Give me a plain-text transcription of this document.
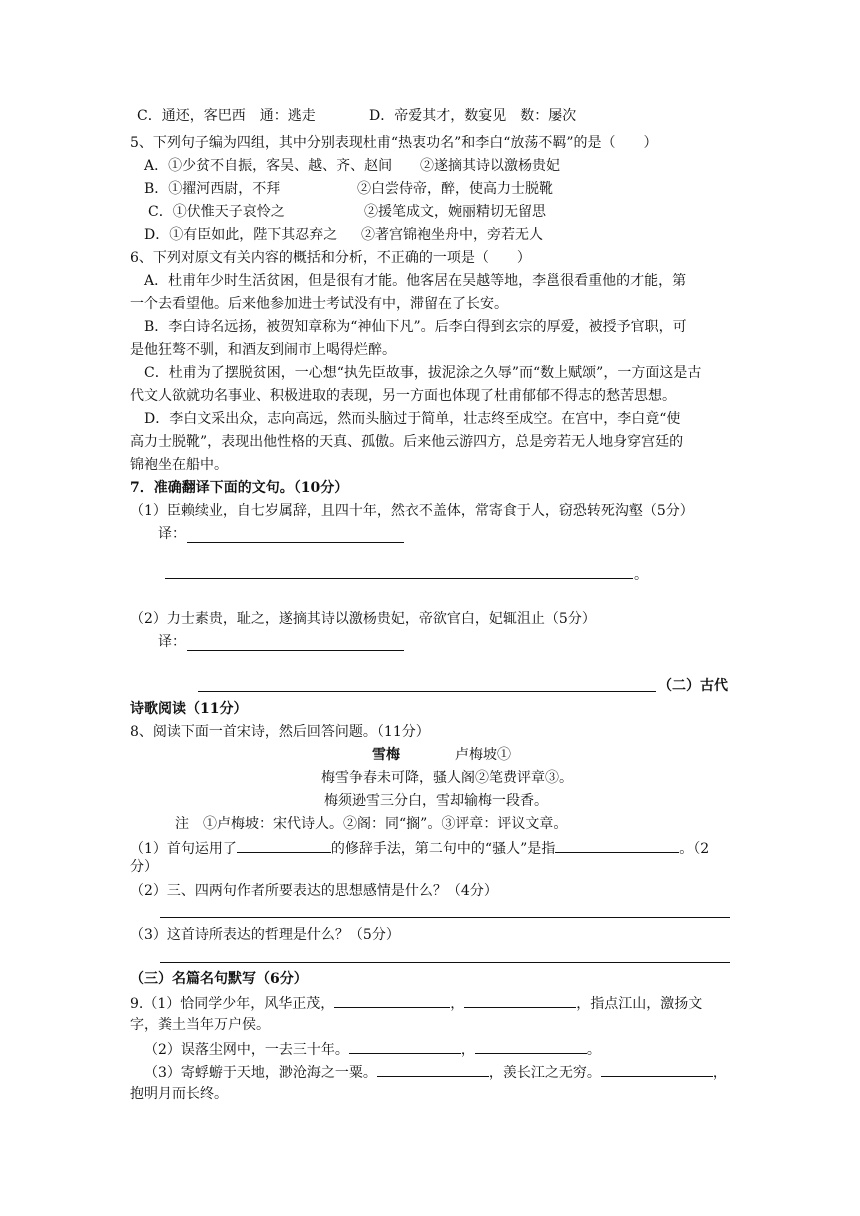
C．通还，客巴西　通：逃走	D．帝爱其才，数宴见　数：屡次
5、下列句子编为四组，其中分别表现杜甫“热衷功名”和李白“放荡不羁”的是（　　）
A．①少贫不自振，客吴、越、齐、赵间 ②遂摘其诗以激杨贵妃
B．①擢河西尉，不拜	②白尝侍帝，醉，使高力士脱靴
C．①伏惟天子哀怜之	②援笔成文，婉丽精切无留思
D．①有臣如此，陛下其忍弃之 ②著宫锦袍坐舟中，旁若无人
6、下列对原文有关内容的概括和分析，不正确的一项是（　　）
A．杜甫年少时生活贫困，但是很有才能。他客居在吴越等地，李邕很看重他的才能，第
一个去看望他。后来他参加进士考试没有中，滞留在了长安。
B．李白诗名远扬，被贺知章称为“神仙下凡”。后李白得到玄宗的厚爱，被授予官职，可
是他狂骜不驯，和酒友到闹市上喝得烂醉。
C．杜甫为了摆脱贫困，一心想“执先臣故事，拔泥涂之久辱”而“数上赋颂”，一方面这是古
代文人欲就功名事业、积极进取的表现，另一方面也体现了杜甫郁郁不得志的愁苦思想。
D．李白文采出众，志向高远，然而头脑过于简单，壮志终至成空。在宫中，李白竟“使
高力士脱靴”，表现出他性格的天真、孤傲。后来他云游四方，总是旁若无人地身穿宫廷的
锦袍坐在船中。
7．准确翻译下面的文句。（10分）
（1）臣赖续业，自七岁属辞，且四十年，然衣不盖体，常寄食于人，窃恐转死沟壑（5分）
译：
。
（2）力士素贵，耻之，遂摘其诗以激杨贵妃，帝欲官白，妃辄沮止（5分）
译：
（二）古代
诗歌阅读（11分）
8、阅读下面一首宋诗，然后回答问题。（11分）
雪梅	卢梅坡①
梅雪争春未可降，骚人阁②笔费评章③。
梅须逊雪三分白，雪却输梅一段香。
注　①卢梅坡：宋代诗人。②阁：同“搁”。③评章：评议文章。
（1）首句运用了	的修辞手法，第二句中的“骚人”是指	。（2
分）
（2）三、四两句作者所要表达的思想感情是什么？（4分）
（3）这首诗所表达的哲理是什么？（5分）
（三）名篇名句默写（6分）
9.（1）恰同学少年，风华正茂，	，	，指点江山，激扬文
字，粪土当年万户侯。
（2）误落尘网中，一去三十年。	，	。
（3）寄蜉蝣于天地，渺沧海之一粟。	，羡长江之无穷。	，
抱明月而长终。
